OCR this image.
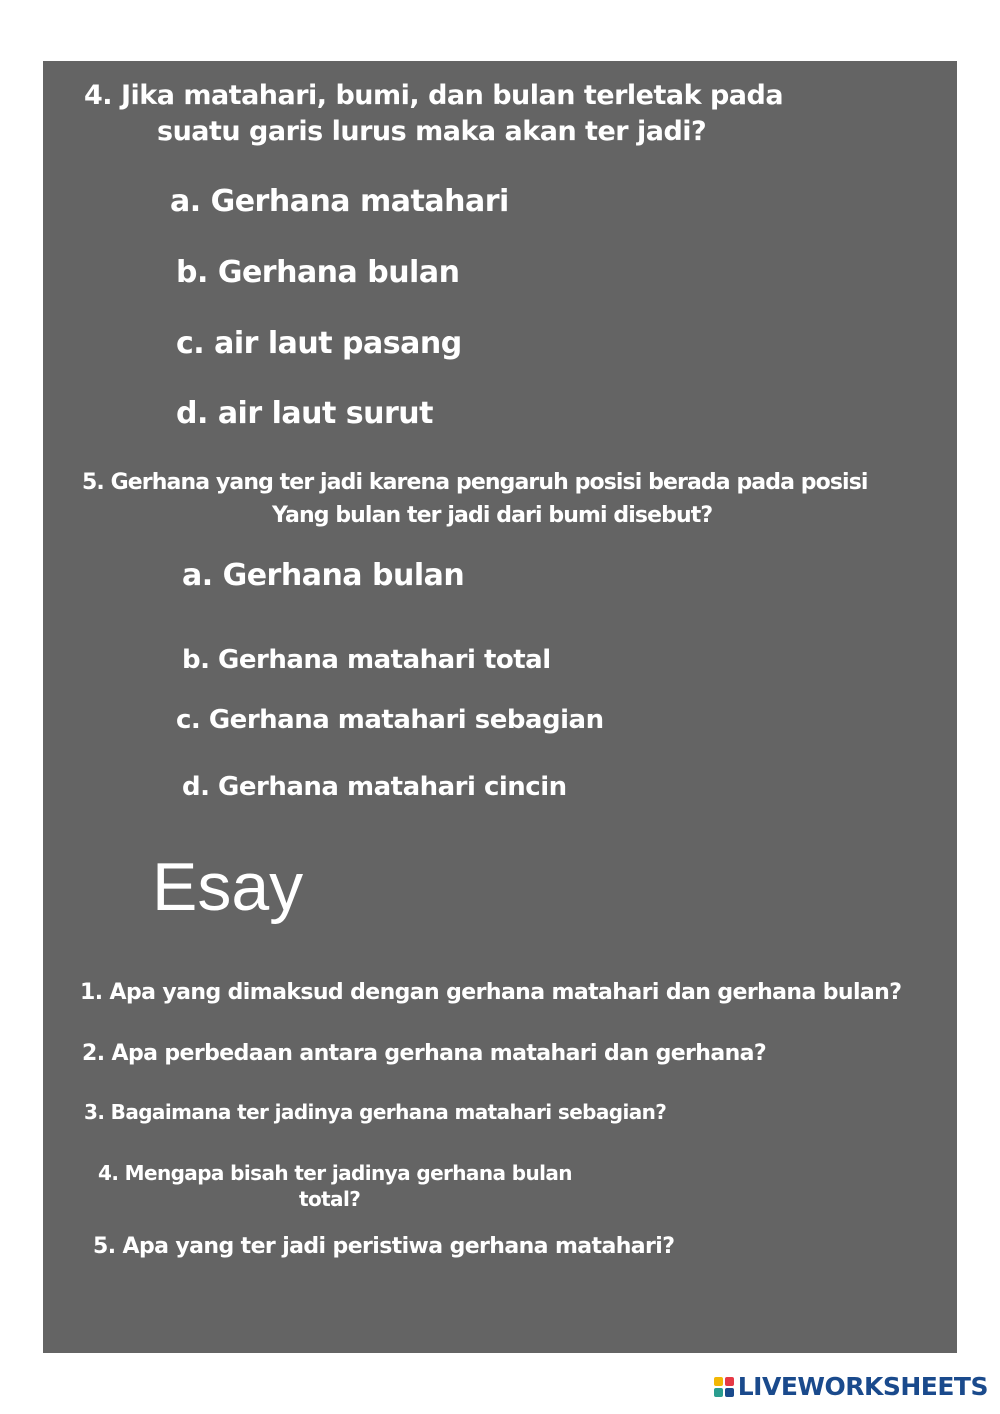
4. Jika matahari, bumi, dan bulan terletak pada

suatu garis lurus maka akan ter jadi?

a. Gerhana matahari

b. Gerhana bulan

c. air laut pasang

d. air laut surut

5. Gerhana yang ter jadi karena pengaruh posisi berada pada posisi

Yang bulan ter jadi dari bumi disebut?

a. Gerhana bulan

b. Gerhana matahari total

c. Gerhana matahari sebagian

d. Gerhana matahari cincin

Esay

1. Apa yang dimaksud dengan gerhana matahari dan gerhana bulan?

2. Apa perbedaan antara gerhana matahari dan gerhana?

3. Bagaimana ter jadinya gerhana matahari sebagian?

4. Mengapa bisah ter jadinya gerhana bulan

total?

5. Apa yang ter jadi peristiwa gerhana matahari?

LIVEWORKSHEETS
